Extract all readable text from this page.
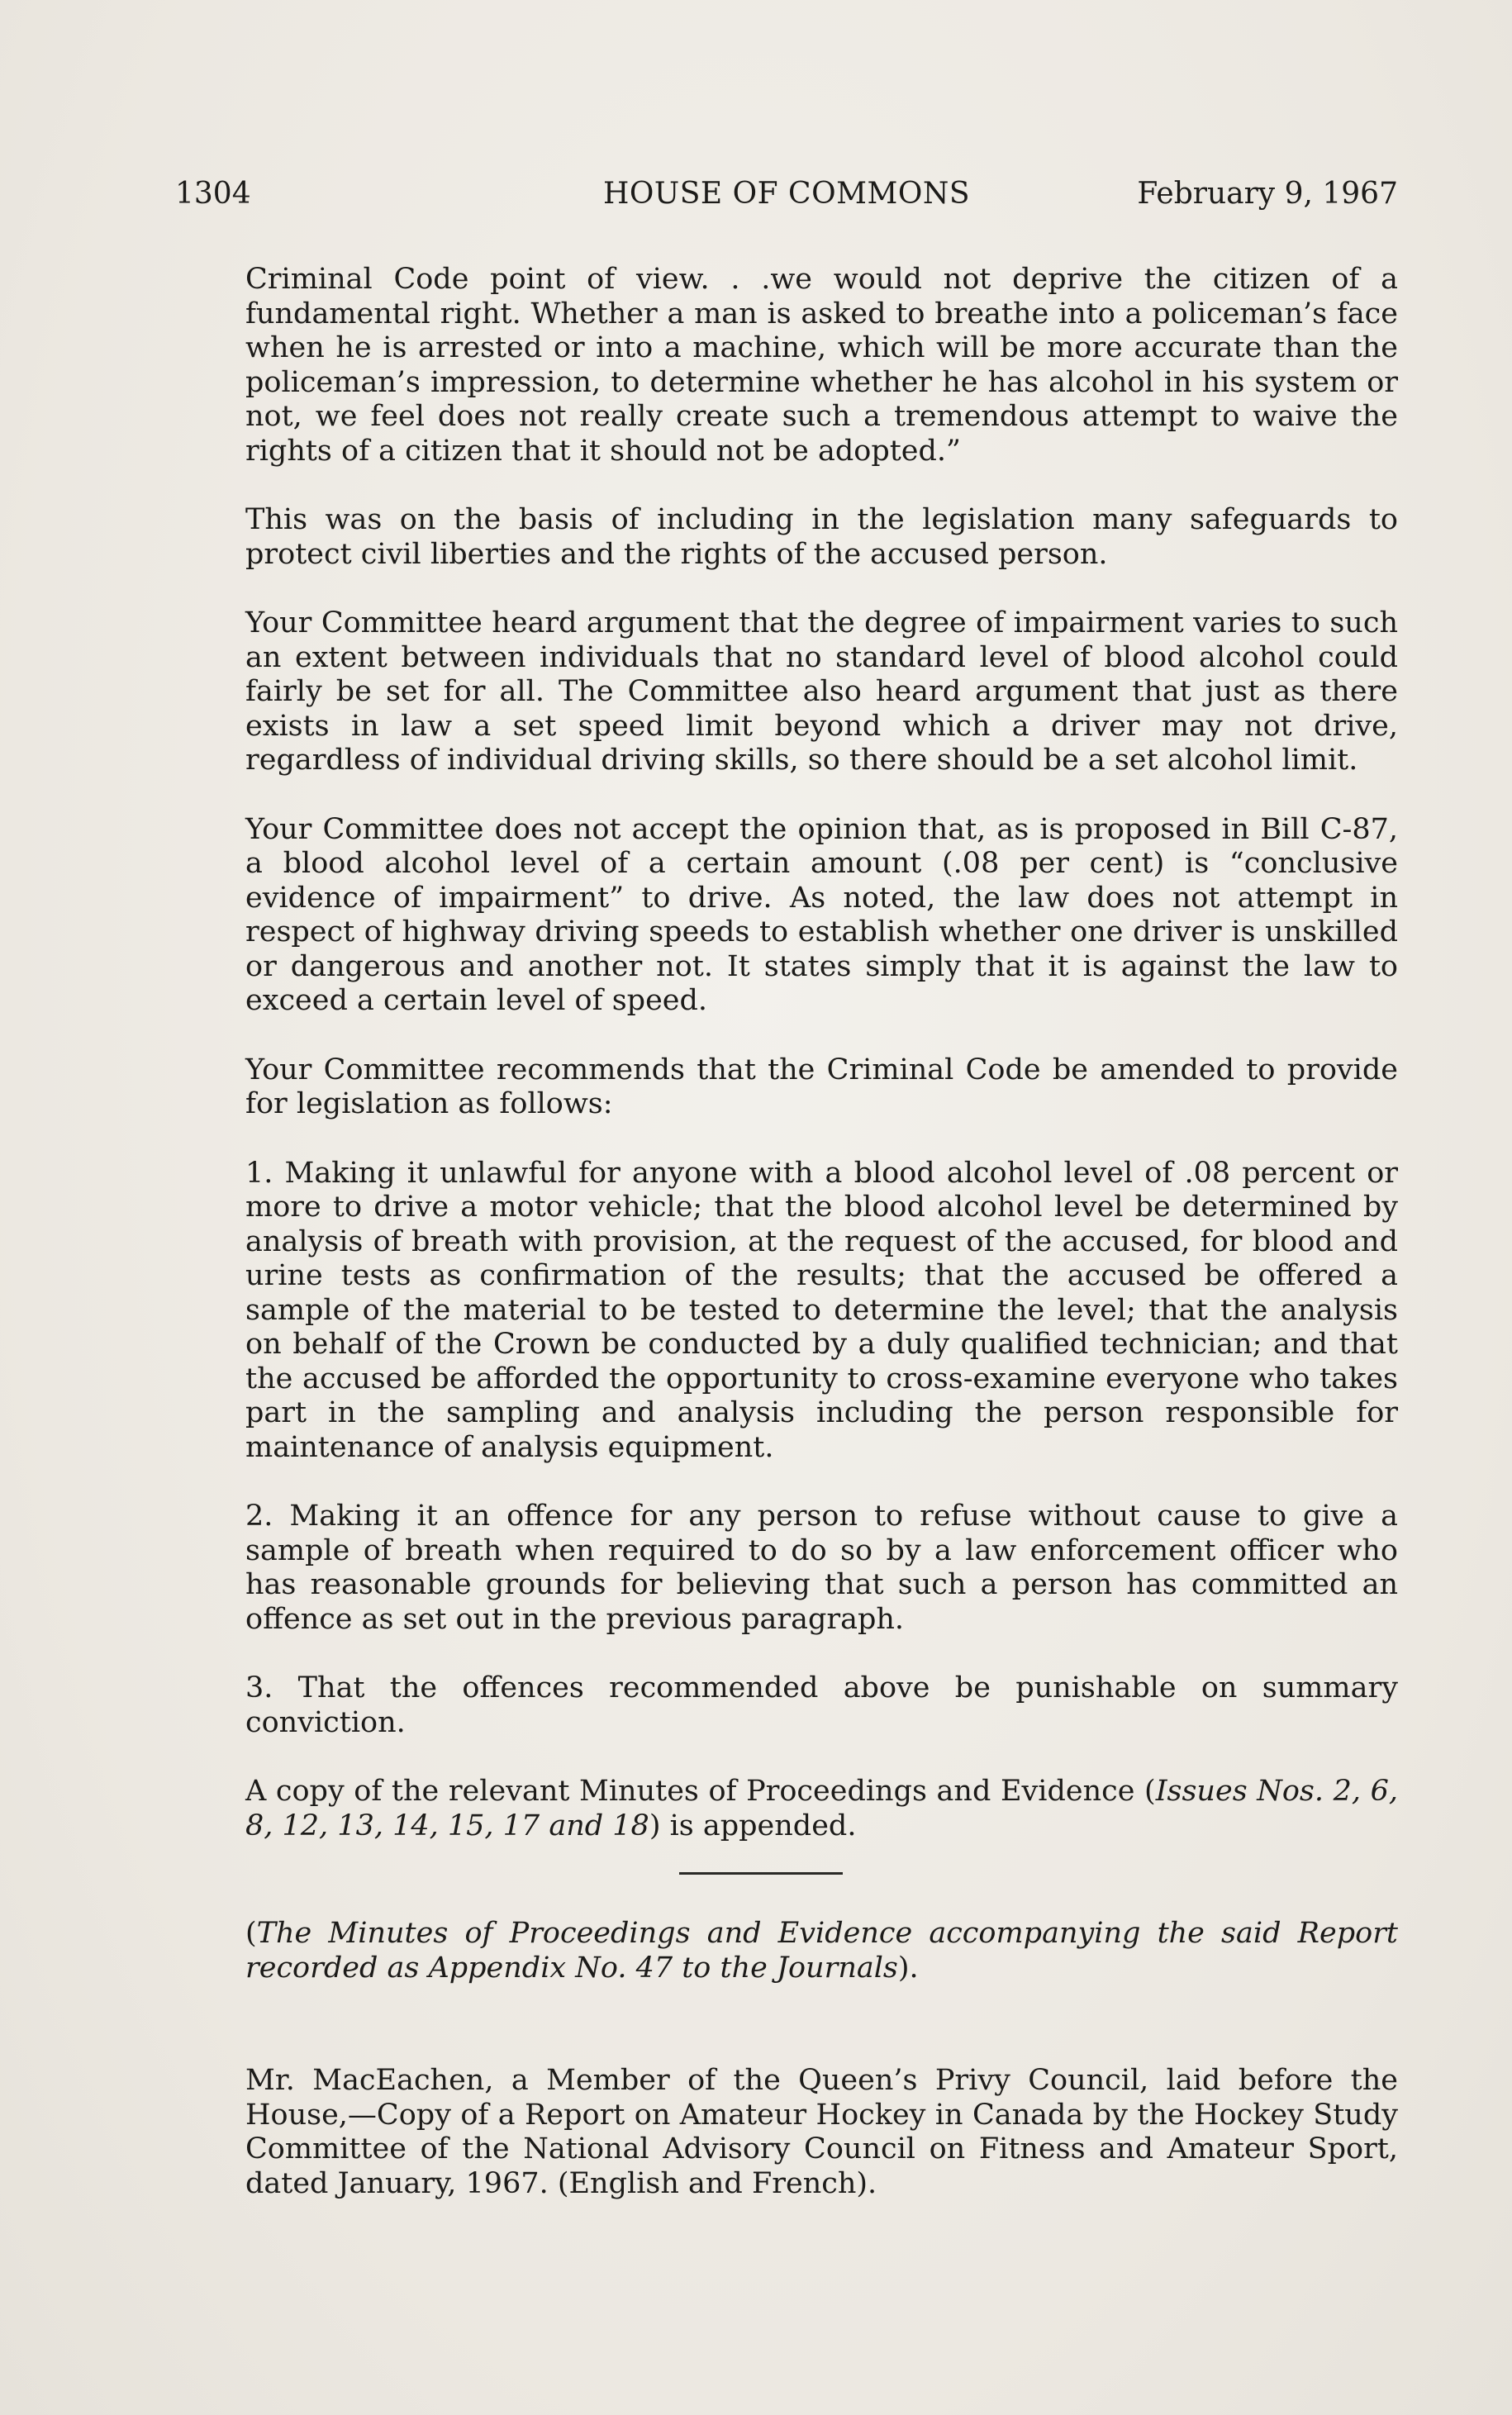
1304	HOUSE OF COMMONS	February 9, 1967

Criminal Code point of view. . .we would not deprive the citizen of a fundamental right. Whether a man is asked to breathe into a policeman’s face when he is arrested or into a machine, which will be more accurate than the policeman’s impression, to determine whether he has alcohol in his system or not, we feel does not really create such a tremendous attempt to waive the rights of a citizen that it should not be adopted.”

This was on the basis of including in the legislation many safeguards to protect civil liberties and the rights of the accused person.

Your Committee heard argument that the degree of impairment varies to such an extent between individuals that no standard level of blood alcohol could fairly be set for all. The Committee also heard argument that just as there exists in law a set speed limit beyond which a driver may not drive, regardless of individual driving skills, so there should be a set alcohol limit.

Your Committee does not accept the opinion that, as is proposed in Bill C-87, a blood alcohol level of a certain amount (.08 per cent) is “conclusive evidence of impairment” to drive. As noted, the law does not attempt in respect of highway driving speeds to establish whether one driver is unskilled or dangerous and another not. It states simply that it is against the law to exceed a certain level of speed.

Your Committee recommends that the Criminal Code be amended to provide for legislation as follows:

1. Making it unlawful for anyone with a blood alcohol level of .08 percent or more to drive a motor vehicle; that the blood alcohol level be determined by analysis of breath with provision, at the request of the accused, for blood and urine tests as confirmation of the results; that the accused be offered a sample of the material to be tested to determine the level; that the analysis on behalf of the Crown be conducted by a duly qualified technician; and that the accused be afforded the opportunity to cross-examine everyone who takes part in the sampling and analysis including the person responsible for maintenance of analysis equipment.

2. Making it an offence for any person to refuse without cause to give a sample of breath when required to do so by a law enforcement officer who has reasonable grounds for believing that such a person has committed an offence as set out in the previous paragraph.

3. That the offences recommended above be punishable on summary conviction.

A copy of the relevant Minutes of Proceedings and Evidence (Issues Nos. 2, 6, 8, 12, 13, 14, 15, 17 and 18) is appended.

(The Minutes of Proceedings and Evidence accompanying the said Report recorded as Appendix No. 47 to the Journals).

Mr. MacEachen, a Member of the Queen’s Privy Council, laid before the House,—Copy of a Report on Amateur Hockey in Canada by the Hockey Study Committee of the National Advisory Council on Fitness and Amateur Sport, dated January, 1967. (English and French).
